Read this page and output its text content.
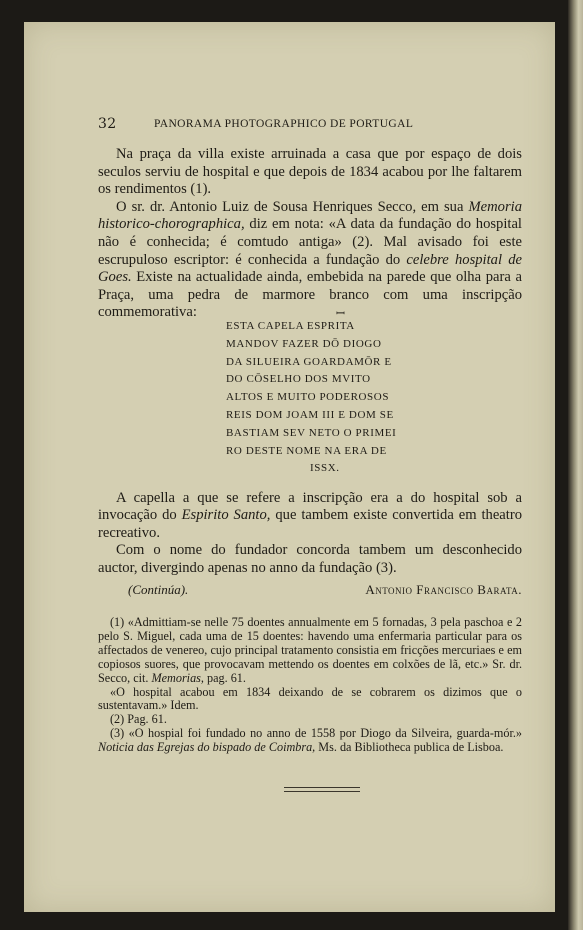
32	PANORAMA PHOTOGRAPHICO DE PORTUGAL

Na praça da villa existe arruinada a casa que por espaço de dois seculos serviu de hospital e que depois de 1834 acabou por lhe faltarem os rendimentos (1).

O sr. dr. Antonio Luiz de Sousa Henriques Secco, em sua Memoria historico-chorographica, diz em nota: «A data da fundação do hospital não é conhecida; é comtudo antiga» (2). Mal avisado foi este escrupuloso escriptor: é conhecida a fundação do celebre hospital de Goes. Existe na actualidade ainda, embebida na parede que olha para a Praça, uma pedra de marmore branco com uma inscripção commemorativa:	ꟷ
ESTA CAPELA ESPRITA
MANDOV FAZER DŌ DIOGO
DA SILUEIRA GOARDAMŌR E
DO CŌSELHO DOS MVITO
ALTOS E MUITO PODEROSOS
REIS DOM JOAM III E DOM SE
BASTIAM SEV NETO O PRIMEI
RO DESTE NOME NA ERA DE
ISSX.

A capella a que se refere a inscripção era a do hospital sob a invocação do Espirito Santo, que tambem existe convertida em theatro recreativo.

Com o nome do fundador concorda tambem um desconhecido auctor, divergindo apenas no anno da fundação (3).

(Continúa).	Antonio Francisco Barata.

(1) «Admittiam-se nelle 75 doentes annualmente em 5 fornadas, 3 pela paschoa e 2 pelo S. Miguel, cada uma de 15 doentes: havendo uma enfermaria particular para os affectados de venereo, cujo principal tratamento consistia em fricções mercuriaes e em copiosos suores, que provocavam mettendo os doentes em colxões de lã, etc.» Sr. dr. Secco, cit. Memorias, pag. 61.

«O hospital acabou em 1834 deixando de se cobrarem os dizimos que o sustentavam.» Idem.

(2) Pag. 61.

(3) «O hospial foi fundado no anno de 1558 por Diogo da Silveira, guarda-mór.» Noticia das Egrejas do bispado de Coimbra, Ms. da Bibliotheca publica de Lisboa.
